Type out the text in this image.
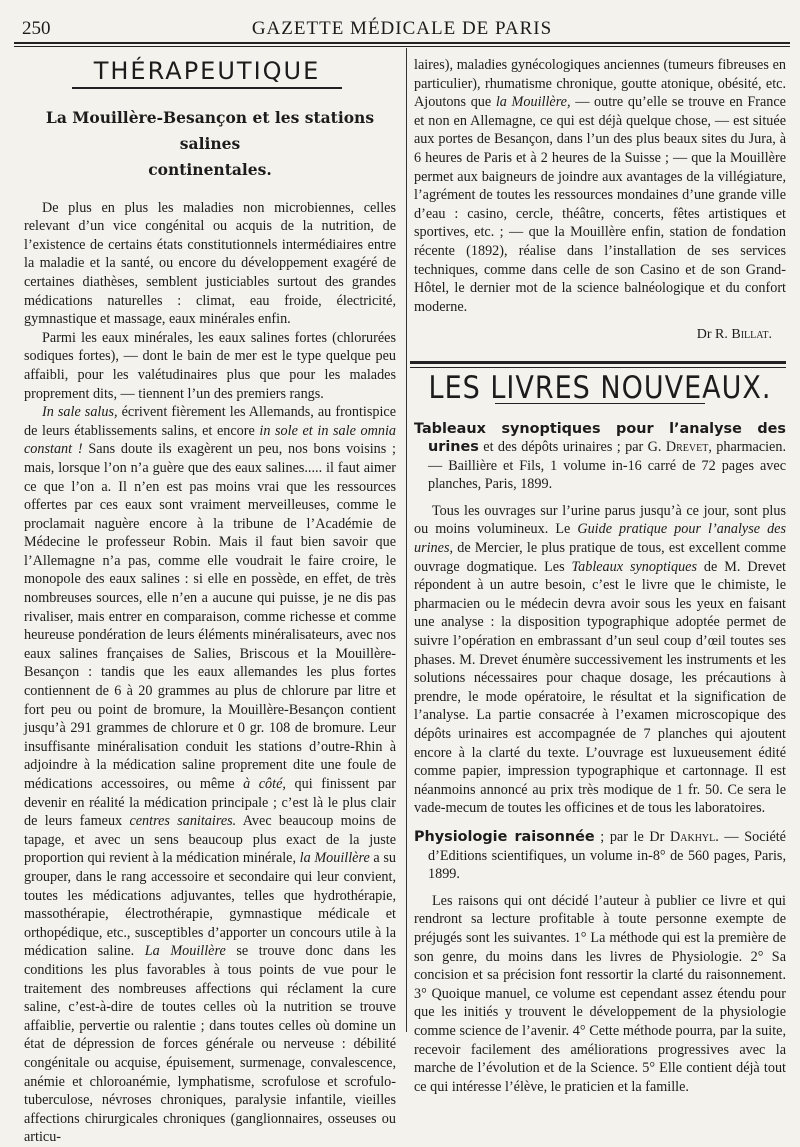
250	GAZETTE MÉDICALE DE PARIS
THÉRAPEUTIQUE
La Mouillère-Besançon et les stations salines
continentales.

De plus en plus les maladies non microbiennes, celles relevant d’un vice congénital ou acquis de la nutrition, de l’existence de certains états constitutionnels intermédiaires entre la maladie et la santé, ou encore du développement exagéré de certaines diathèses, semblent justiciables surtout des grandes médications naturelles : climat, eau froide, électricité, gymnastique et massage, eaux minérales enfin.

Parmi les eaux minérales, les eaux salines fortes (chlorurées sodiques fortes), — dont le bain de mer est le type quelque peu affaibli, pour les valétudinaires plus que pour les malades proprement dits, — tiennent l’un des premiers rangs.

In sale salus, écrivent fièrement les Allemands, au frontispice de leurs établissements salins, et encore in sole et in sale omnia constant ! Sans doute ils exagèrent un peu, nos bons voisins ; mais, lorsque l’on n’a guère que des eaux salines..... il faut aimer ce que l’on a. Il n’en est pas moins vrai que les ressources offertes par ces eaux sont vraiment merveilleuses, comme le proclamait naguère encore à la tribune de l’Académie de Médecine le professeur Robin. Mais il faut bien savoir que l’Allemagne n’a pas, comme elle voudrait le faire croire, le monopole des eaux salines : si elle en possède, en effet, de très nombreuses sources, elle n’en a aucune qui puisse, je ne dis pas rivaliser, mais entrer en comparaison, comme richesse et comme heureuse pondération de leurs éléments minéralisateurs, avec nos eaux salines françaises de Salies, Briscous et la Mouillère-Besançon : tandis que les eaux allemandes les plus fortes contiennent de 6 à 20 grammes au plus de chlorure par litre et fort peu ou point de bromure, la Mouillère-Besançon contient jusqu’à 291 grammes de chlorure et 0 gr. 108 de bromure. Leur insuffisante minéralisation conduit les stations d’outre-Rhin à adjoindre à la médication saline proprement dite une foule de médications accessoires, ou même à côté, qui finissent par devenir en réalité la médication principale ; c’est là le plus clair de leurs fameux centres sanitaires. Avec beaucoup moins de tapage, et avec un sens beaucoup plus exact de la juste proportion qui revient à la médication minérale, la Mouillère a su grouper, dans le rang accessoire et secondaire qui leur convient, toutes les médications adjuvantes, telles que hydrothérapie, massothérapie, électrothérapie, gymnastique médicale et orthopédique, etc., susceptibles d’apporter un concours utile à la médication saline. La Mouillère se trouve donc dans les conditions les plus favorables à tous points de vue pour le traitement des nombreuses affections qui réclament la cure saline, c’est-à-dire de toutes celles où la nutrition se trouve affaiblie, pervertie ou ralentie ; dans toutes celles où domine un état de dépression de forces générale ou nerveuse : débilité congénitale ou acquise, épuisement, surmenage, convalescence, anémie et chloroanémie, lymphatisme, scrofulose et scrofulo-tuberculose, névroses chroniques, paralysie infantile, vieilles affections chirurgicales chroniques (ganglionnaires, osseuses ou articu-

laires), maladies gynécologiques anciennes (tumeurs fibreuses en particulier), rhumatisme chronique, goutte atonique, obésité, etc. Ajoutons que la Mouillère, — outre qu’elle se trouve en France et non en Allemagne, ce qui est déjà quelque chose, — est située aux portes de Besançon, dans l’un des plus beaux sites du Jura, à 6 heures de Paris et à 2 heures de la Suisse ; — que la Mouillère permet aux baigneurs de joindre aux avantages de la villégiature, l’agrément de toutes les ressources mondaines d’une grande ville d’eau : casino, cercle, théâtre, concerts, fêtes artistiques et sportives, etc. ; — que la Mouillère enfin, station de fondation récente (1892), réalise dans l’installation de ses services techniques, comme dans celle de son Casino et de son Grand-Hôtel, le dernier mot de la science balnéologique et du confort moderne.

Dr R. Billat.
LES LIVRES NOUVEAUX.

Tableaux synoptiques pour l’analyse des urines et des dépôts urinaires ; par G. Drevet, pharmacien. — Baillière et Fils, 1 volume in-16 carré de 72 pages avec planches, Paris, 1899.

Tous les ouvrages sur l’urine parus jusqu’à ce jour, sont plus ou moins volumineux. Le Guide pratique pour l’analyse des urines, de Mercier, le plus pratique de tous, est excellent comme ouvrage dogmatique. Les Tableaux synoptiques de M. Drevet répondent à un autre besoin, c’est le livre que le chimiste, le pharmacien ou le médecin devra avoir sous les yeux en faisant une analyse : la disposition typographique adoptée permet de suivre l’opération en embrassant d’un seul coup d’œil toutes ses phases. M. Drevet énumère successivement les instruments et les solutions nécessaires pour chaque dosage, les précautions à prendre, le mode opératoire, le résultat et la signification de l’analyse. La partie consacrée à l’examen microscopique des dépôts urinaires est accompagnée de 7 planches qui ajoutent encore à la clarté du texte. L’ouvrage est luxueusement édité comme papier, impression typographique et cartonnage. Il est néanmoins annoncé au prix très modique de 1 fr. 50. Ce sera le vade-mecum de toutes les officines et de tous les laboratoires.

Physiologie raisonnée ; par le Dr Dakhyl. — Société d’Editions scientifiques, un volume in-8° de 560 pages, Paris, 1899.

Les raisons qui ont décidé l’auteur à publier ce livre et qui rendront sa lecture profitable à toute personne exempte de préjugés sont les suivantes. 1° La méthode qui est la première de son genre, du moins dans les livres de Physiologie. 2° Sa concision et sa précision font ressortir la clarté du raisonnement. 3° Quoique manuel, ce volume est cependant assez étendu pour que les initiés y trouvent le développement de la physiologie comme science de l’avenir. 4° Cette méthode pourra, par la suite, recevoir facilement des améliorations progressives avec la marche de l’évolution et de la Science. 5° Elle contient déjà tout ce qui intéresse l’élève, le praticien et la famille.
